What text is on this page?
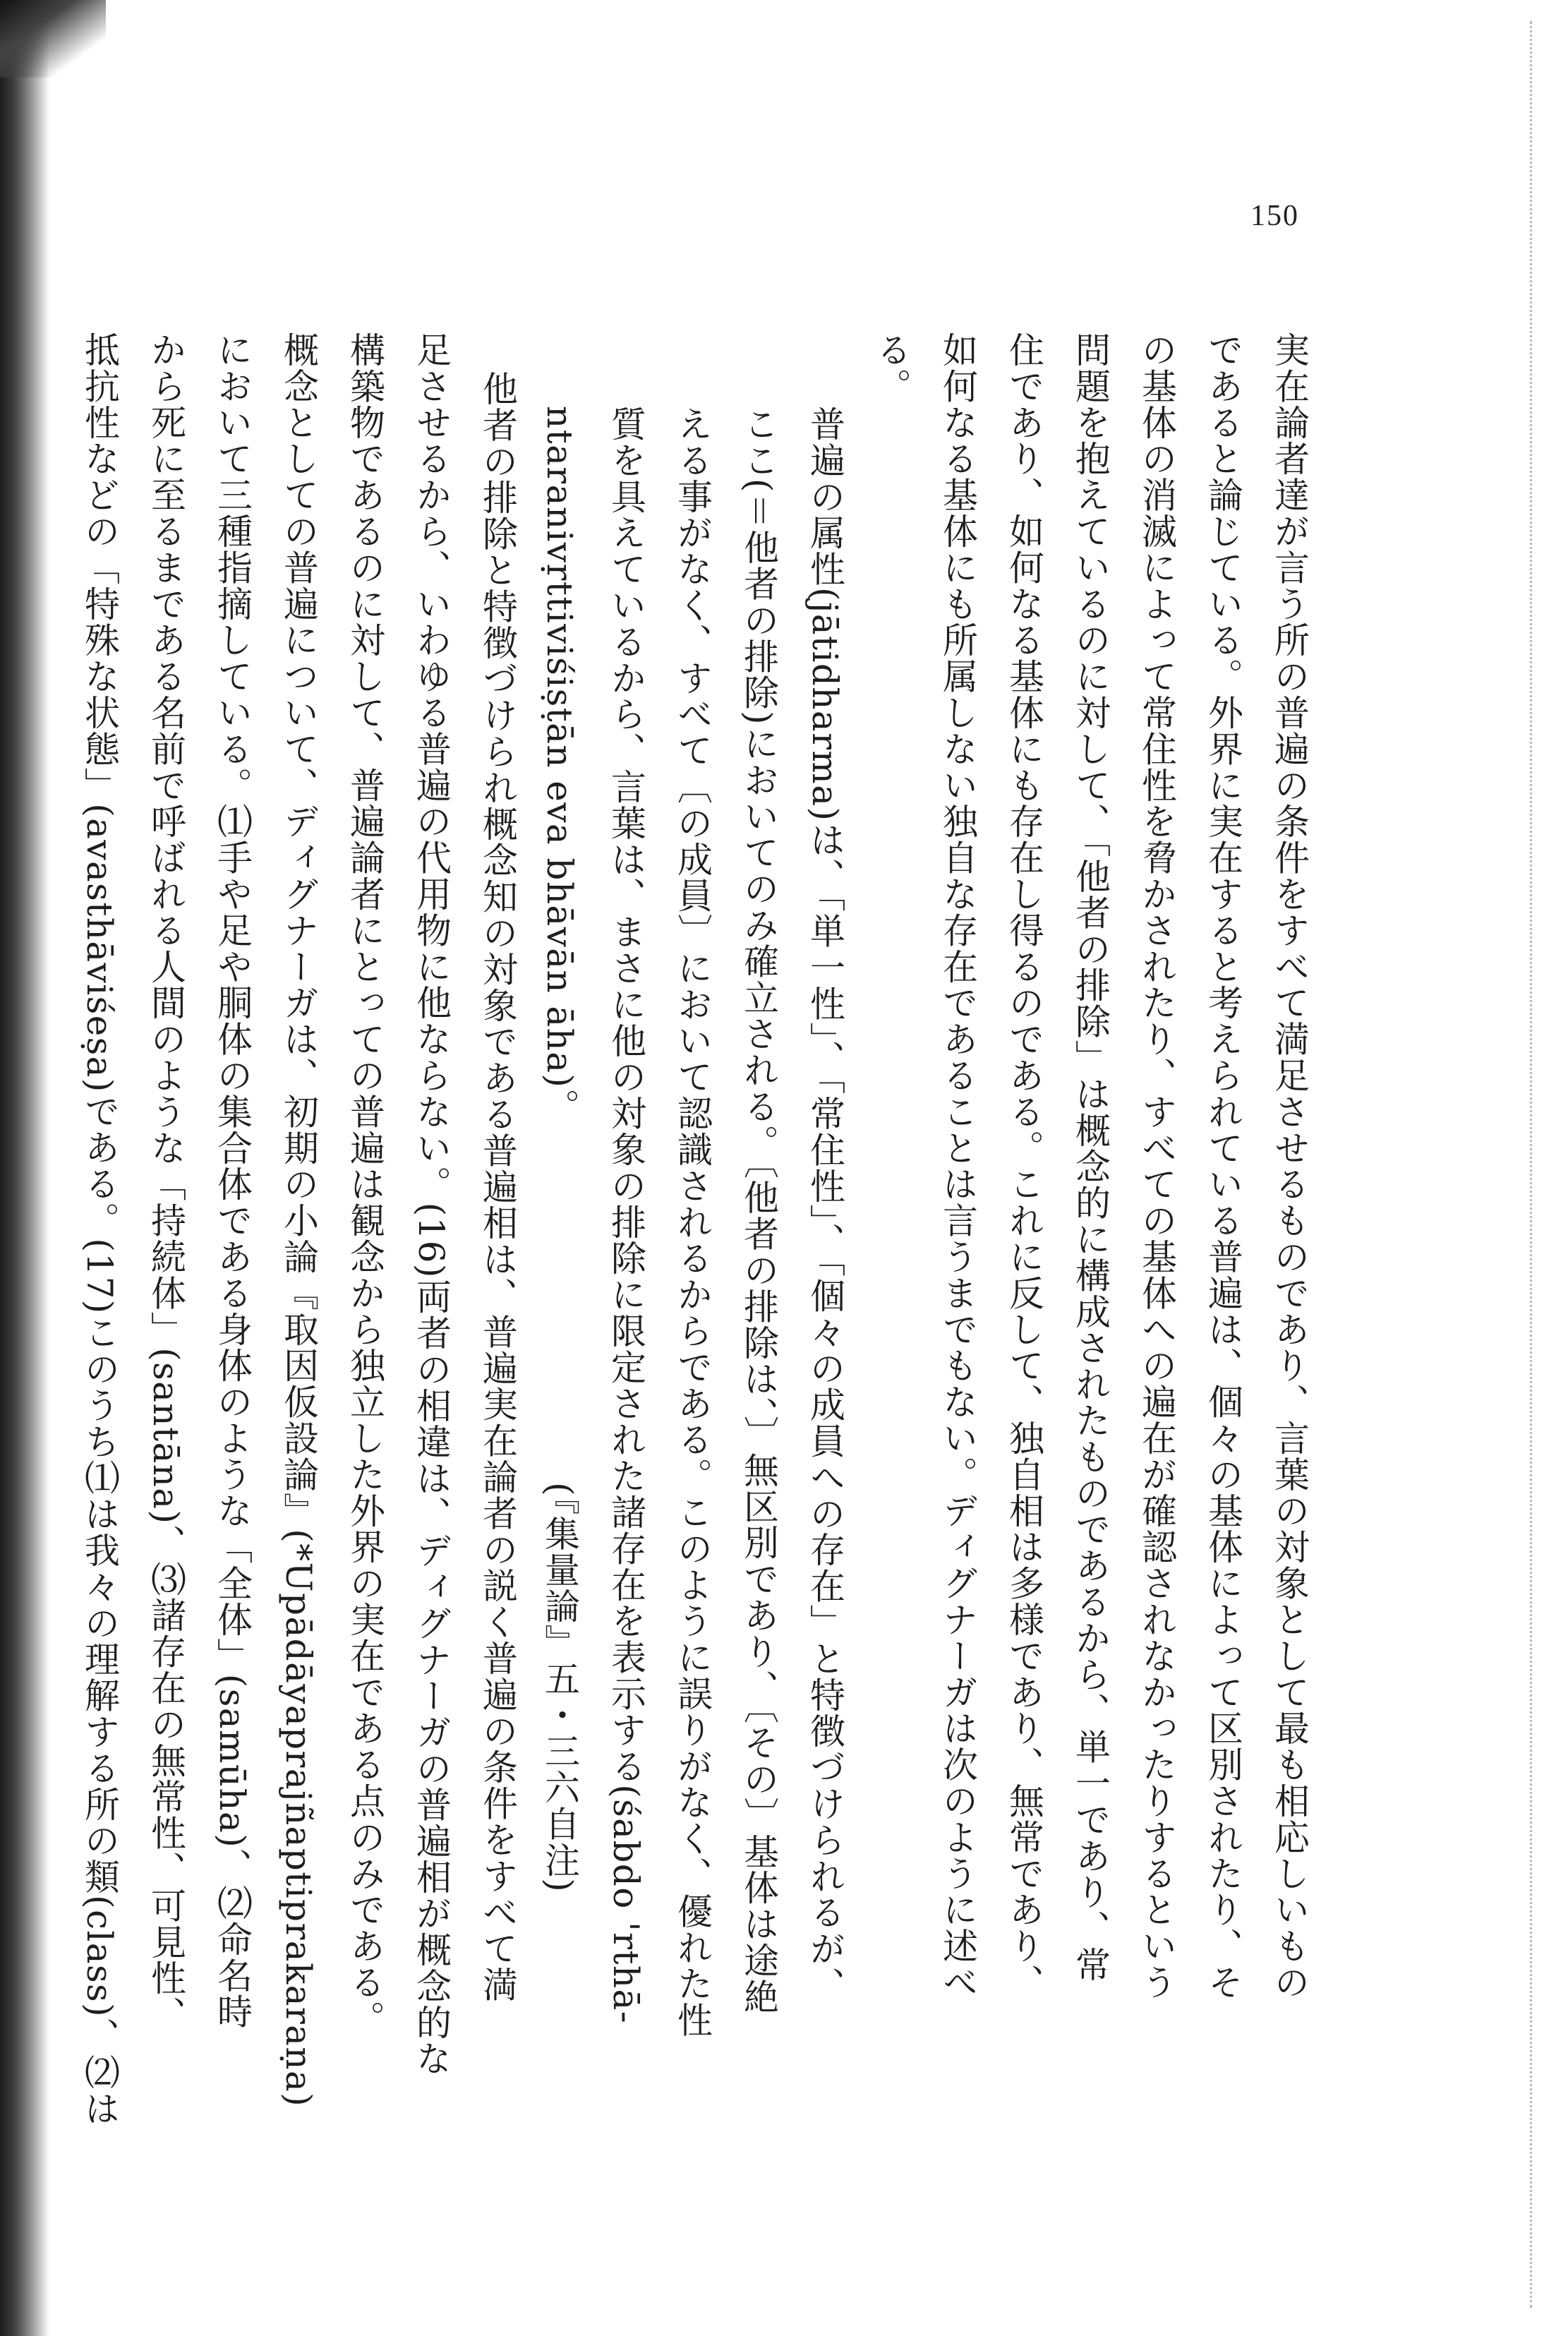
150
実在論者達が言う所の普遍の条件をすべて満足させるものであり、言葉の対象として最も相応しいもの
であると論じている。外界に実在すると考えられている普遍は、個々の基体によって区別されたり、そ
の基体の消滅によって常住性を脅かされたり、すべての基体への遍在が確認されなかったりするという
問題を抱えているのに対して、「他者の排除」は概念的に構成されたものであるから、単一であり、常
住であり、如何なる基体にも存在し得るのである。これに反して、独自相は多様であり、無常であり、
如何なる基体にも所属しない独自な存在であることは言うまでもない。ディグナーガは次のように述べ
る。
普遍の属性(jātidharma)は、「単一性」、「常住性」、「個々の成員への存在」と特徴づけられるが、
ここ(＝他者の排除)においてのみ確立される。〔他者の排除は、〕無区別であり、〔その〕基体は途絶
える事がなく、すべて〔の成員〕において認識されるからである。このように誤りがなく、優れた性
質を具えているから、言葉は、まさに他の対象の排除に限定された諸存在を表示する(śabdo 'rthā-
ntaranivṛttiviśiṣṭān eva bhāvān āha)。
(『集量論』五・三六自注)
他者の排除と特徴づけられ概念知の対象である普遍相は、普遍実在論者の説く普遍の条件をすべて満
足させるから、いわゆる普遍の代用物に他ならない。(16)両者の相違は、ディグナーガの普遍相が概念的な
構築物であるのに対して、普遍論者にとっての普遍は観念から独立した外界の実在である点のみである。
概念としての普遍について、ディグナーガは、初期の小論『取因仮設論』(*Upādāyaprajñaptiprakaraṇa)
において三種指摘している。⑴手や足や胴体の集合体である身体のような「全体」(samūha)、⑵命名時
から死に至るまである名前で呼ばれる人間のような「持続体」(santāna)、⑶諸存在の無常性、可見性、
抵抗性などの「特殊な状態」(avasthāviśeṣa)である。(17)このうち⑴は我々の理解する所の類(class)、⑵は
